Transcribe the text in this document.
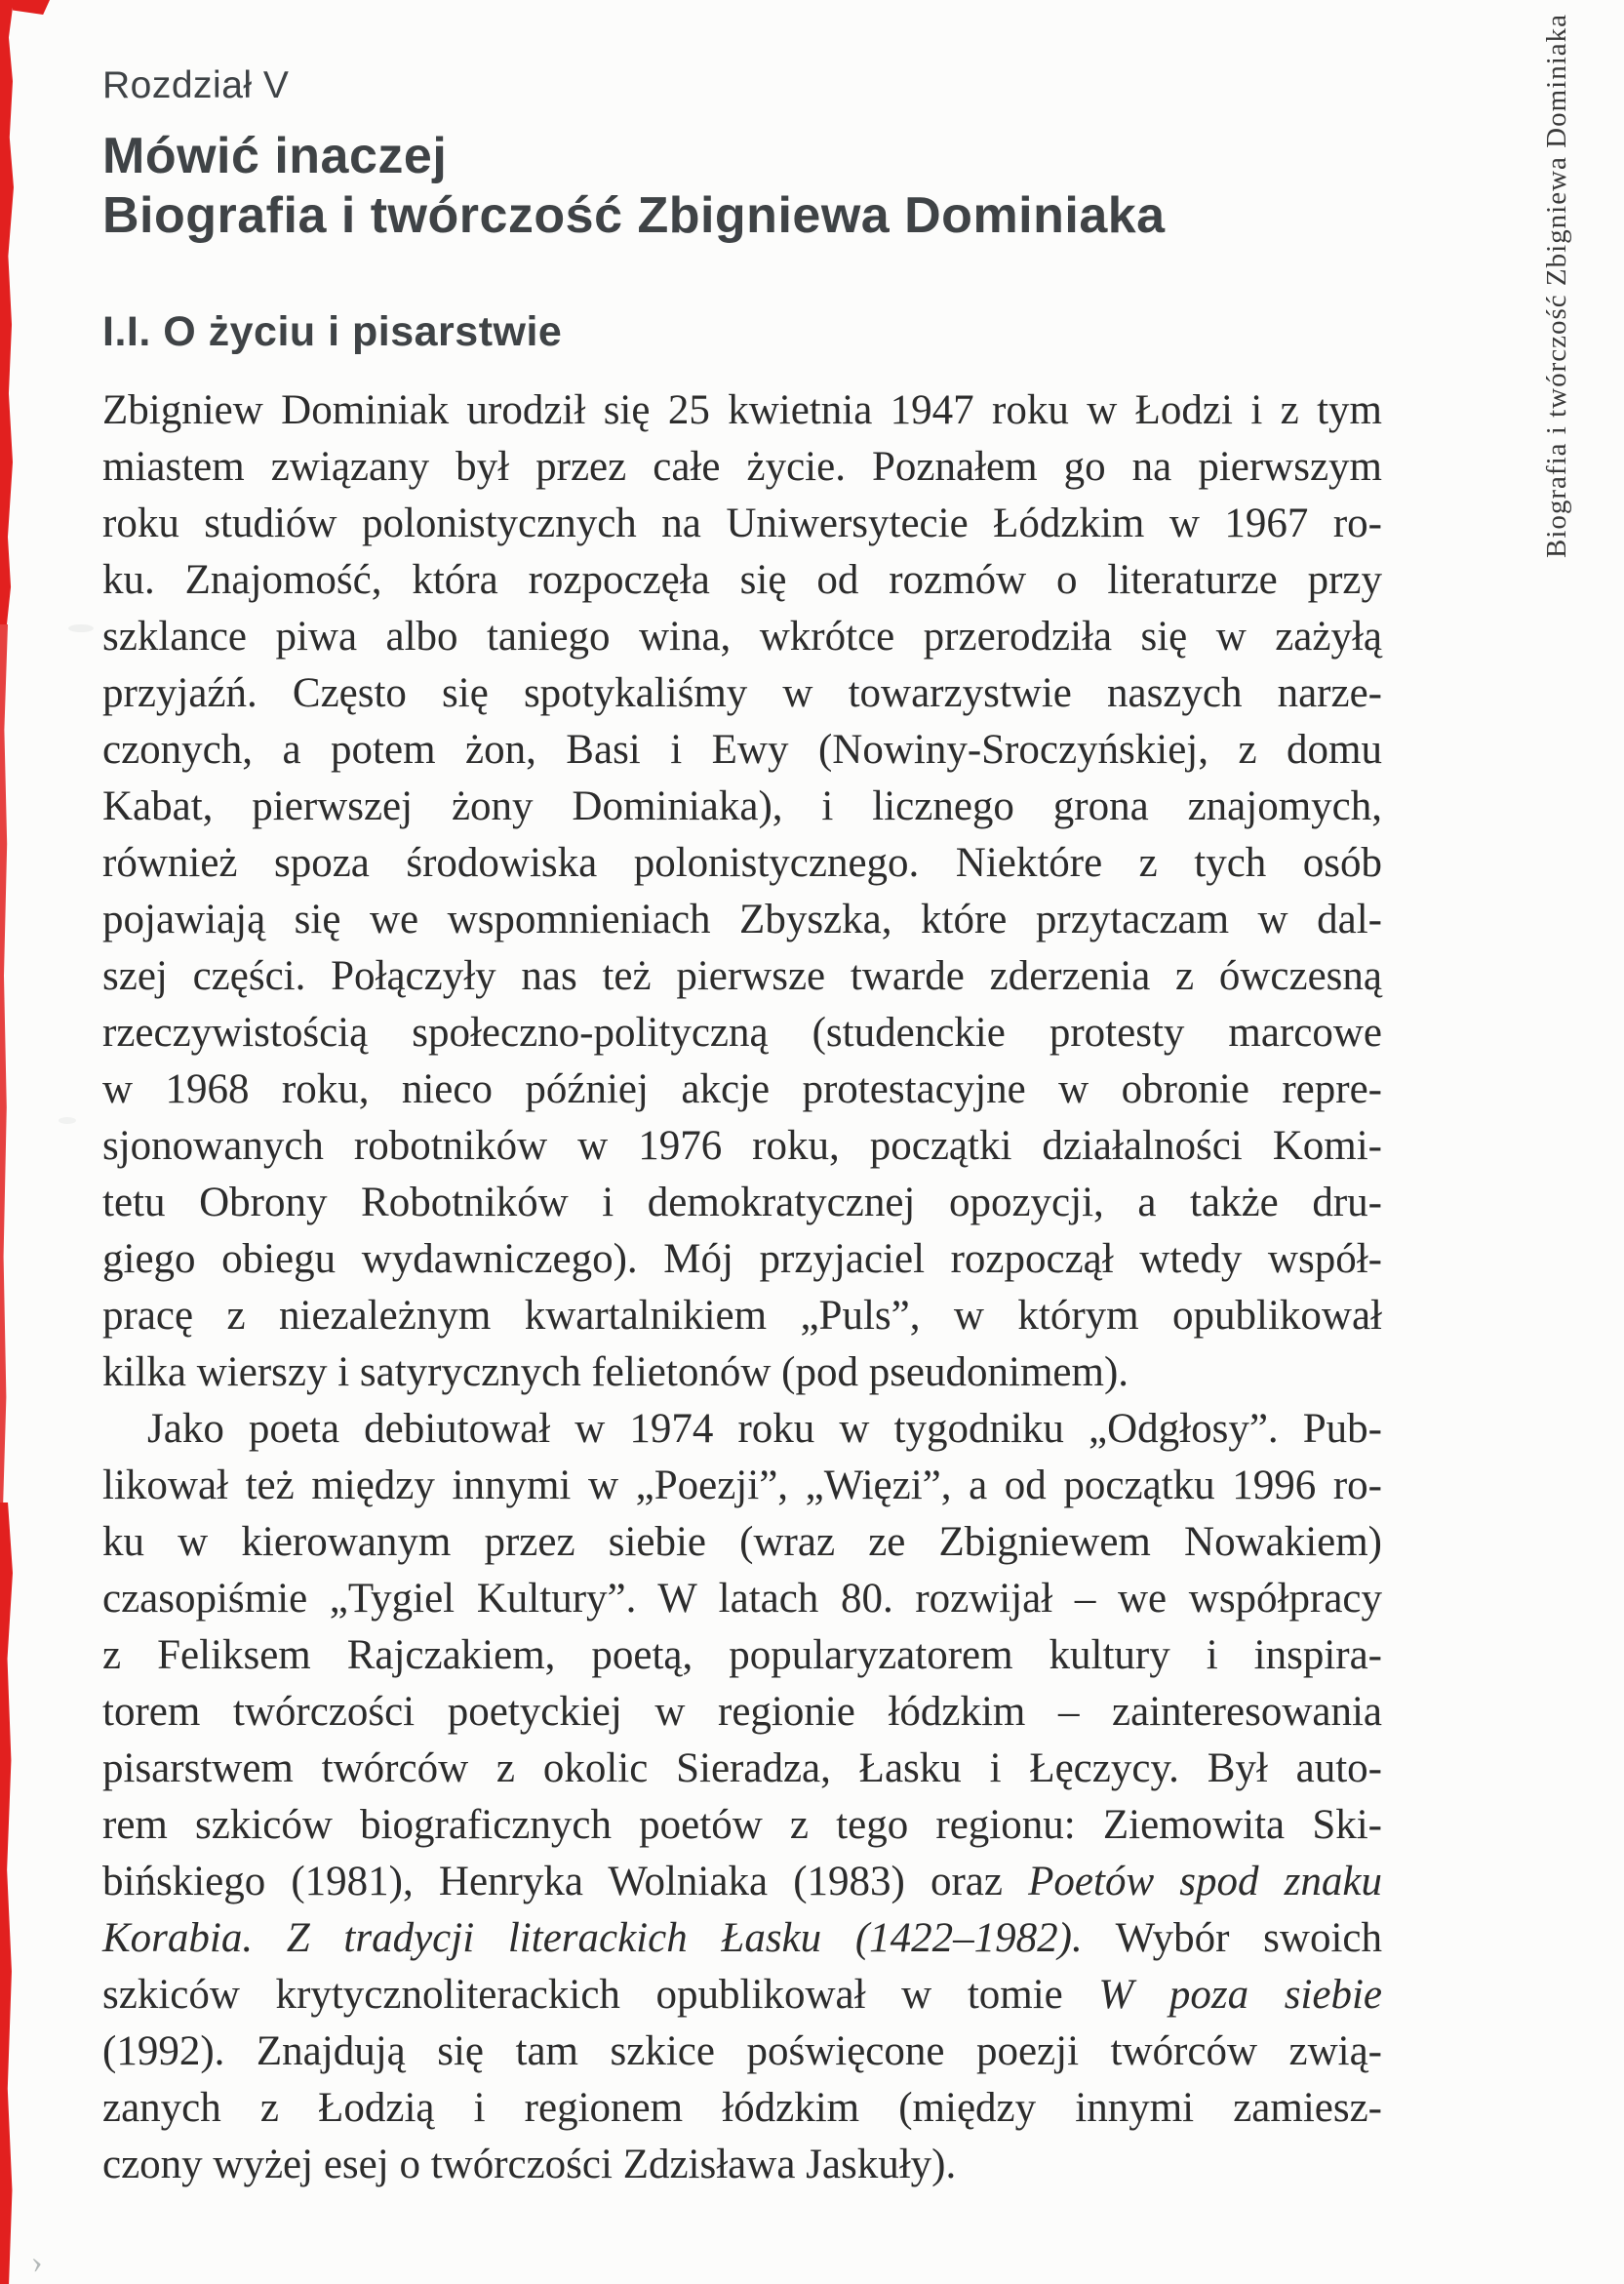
›
Rozdział V
Mówić inaczej
Biografia i twórczość Zbigniewa Dominiaka
I.I. O życiu i pisarstwie
Zbigniew Dominiak urodził się 25 kwietnia 1947 roku w Łodzi i z tym
miastem związany był przez całe życie. Poznałem go na pierwszym
roku studiów polonistycznych na Uniwersytecie Łódzkim w 1967 ro-
ku. Znajomość, która rozpoczęła się od rozmów o literaturze przy
szklance piwa albo taniego wina, wkrótce przerodziła się w zażyłą
przyjaźń. Często się spotykaliśmy w towarzystwie naszych narze-
czonych, a potem żon, Basi i Ewy (Nowiny-Sroczyńskiej, z domu
Kabat, pierwszej żony Dominiaka), i licznego grona znajomych,
również spoza środowiska polonistycznego. Niektóre z tych osób
pojawiają się we wspomnieniach Zbyszka, które przytaczam w dal-
szej części. Połączyły nas też pierwsze twarde zderzenia z ówczesną
rzeczywistością społeczno-polityczną (studenckie protesty marcowe
w 1968 roku, nieco później akcje protestacyjne w obronie repre-
sjonowanych robotników w 1976 roku, początki działalności Komi-
tetu Obrony Robotników i demokratycznej opozycji, a także dru-
giego obiegu wydawniczego). Mój przyjaciel rozpoczął wtedy współ-
pracę z niezależnym kwartalnikiem „Puls”, w którym opublikował
kilka wierszy i satyrycznych felietonów (pod pseudonimem).
Jako poeta debiutował w 1974 roku w tygodniku „Odgłosy”. Pub-
likował też między innymi w „Poezji”, „Więzi”, a od początku 1996 ro-
ku w kierowanym przez siebie (wraz ze Zbigniewem Nowakiem)
czasopiśmie „Tygiel Kultury”. W latach 80. rozwijał – we współpracy
z Feliksem Rajczakiem, poetą, popularyzatorem kultury i inspira-
torem twórczości poetyckiej w regionie łódzkim – zainteresowania
pisarstwem twórców z okolic Sieradza, Łasku i Łęczycy. Był auto-
rem szkiców biograficznych poetów z tego regionu: Ziemowita Ski-
bińskiego (1981), Henryka Wolniaka (1983) oraz Poetów spod znaku
Korabia. Z tradycji literackich Łasku (1422–1982). Wybór swoich
szkiców krytycznoliterackich opublikował w tomie W poza siebie
(1992). Znajdują się tam szkice poświęcone poezji twórców zwią-
zanych z Łodzią i regionem łódzkim (między innymi zamiesz-
czony wyżej esej o twórczości Zdzisława Jaskuły).
Biografia i twórczość Zbigniewa Dominiaka
